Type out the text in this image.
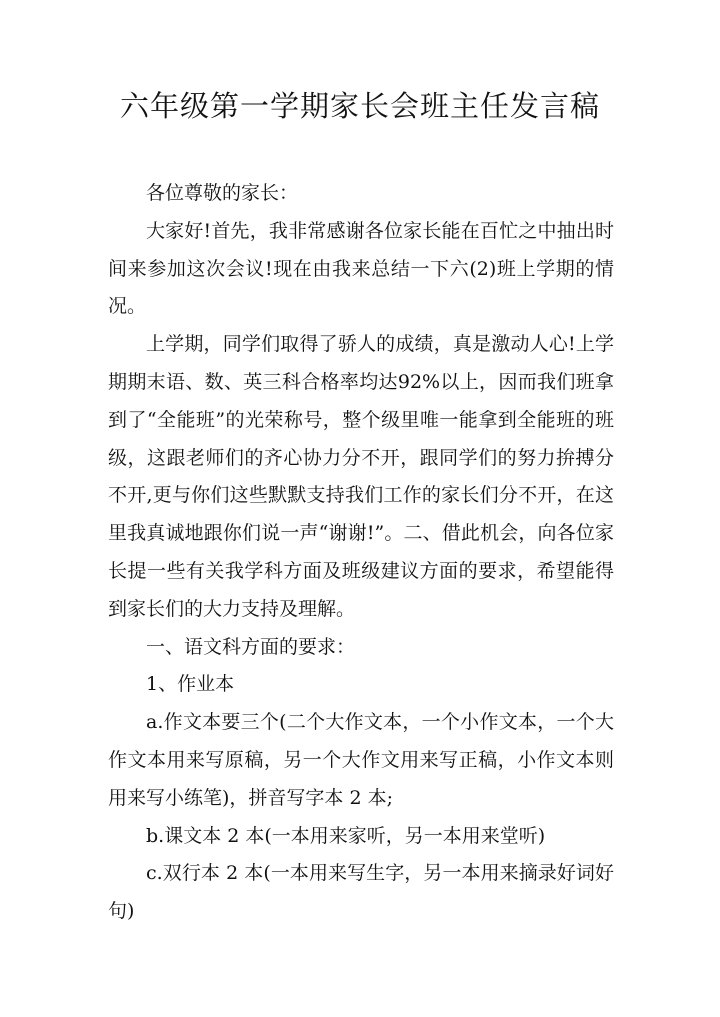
六年级第一学期家长会班主任发言稿

各位尊敬的家长：

大家好!首先，我非常感谢各位家长能在百忙之中抽出时间来参加这次会议!现在由我来总结一下六(2)班上学期的情况。

上学期，同学们取得了骄人的成绩，真是激动人心!上学期期末语、数、英三科合格率均达92%以上，因而我们班拿到了“全能班”的光荣称号，整个级里唯一能拿到全能班的班级，这跟老师们的齐心协力分不开，跟同学们的努力拚搏分不开,更与你们这些默默支持我们工作的家长们分不开，在这里我真诚地跟你们说一声“谢谢!”。二、借此机会，向各位家长提一些有关我学科方面及班级建议方面的要求，希望能得到家长们的大力支持及理解。

一、语文科方面的要求：

1、作业本

a.作文本要三个(二个大作文本，一个小作文本，一个大作文本用来写原稿，另一个大作文用来写正稿，小作文本则用来写小练笔)，拼音写字本 2 本;

b.课文本 2 本(一本用来家听，另一本用来堂听)

c.双行本 2 本(一本用来写生字，另一本用来摘录好词好句)
